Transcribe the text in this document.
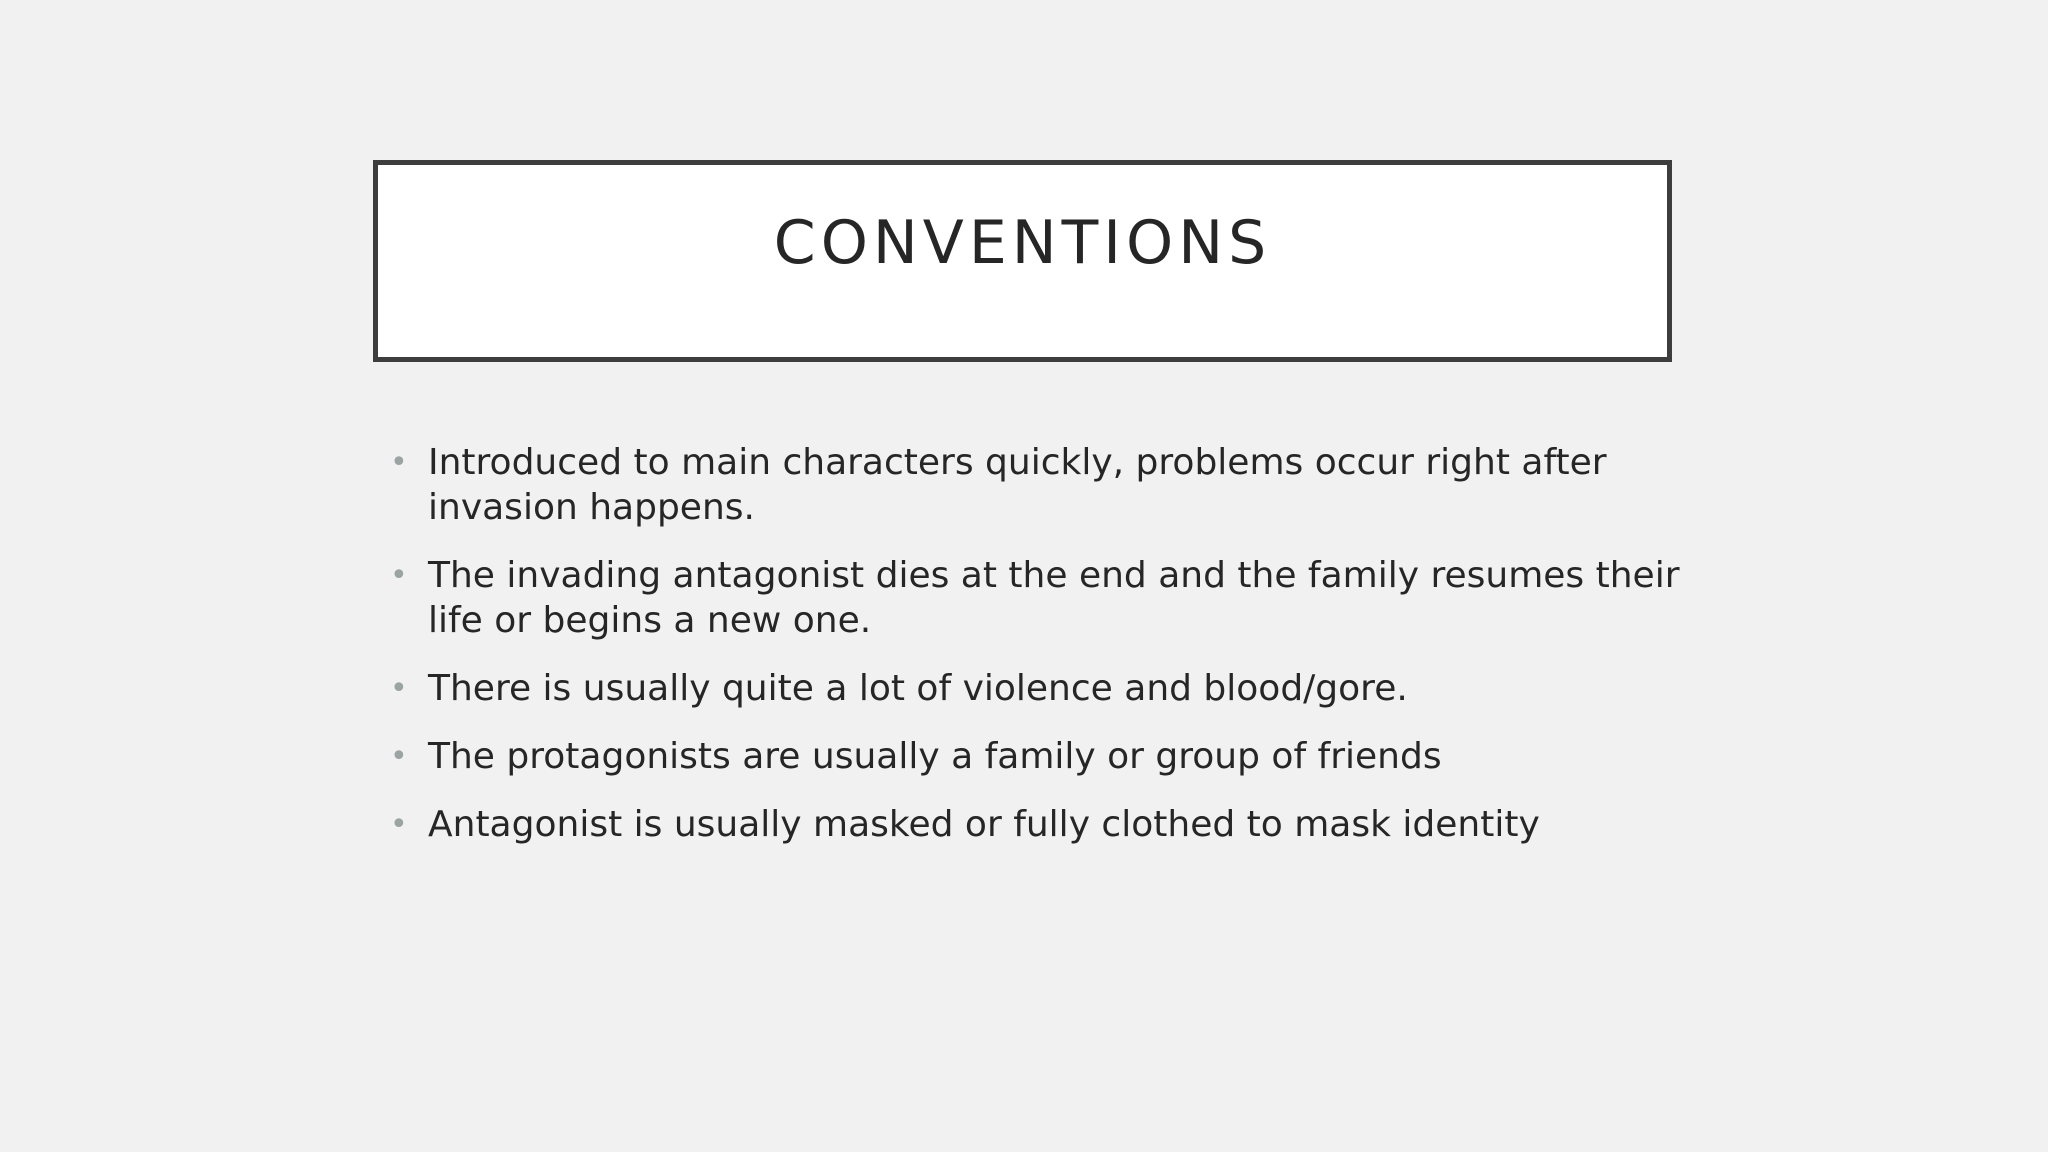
CONVENTIONS
• Introduced to main characters quickly, problems occur right after invasion happens.
• The invading antagonist dies at the end and the family resumes their life or begins a new one.
• There is usually quite a lot of violence and blood/gore.
• The protagonists are usually a family or group of friends
• Antagonist is usually masked or fully clothed to mask identity
